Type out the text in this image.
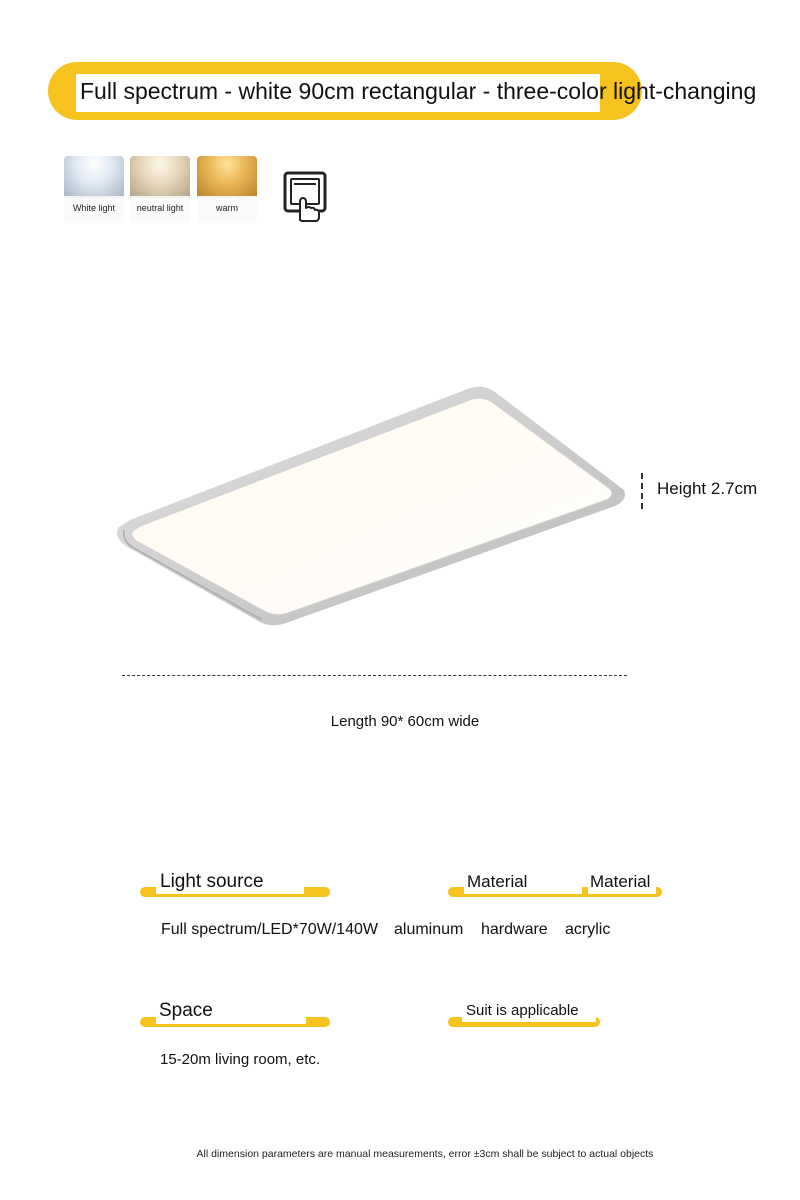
Full spectrum - white 90cm rectangular - three-color light-changing
White light	neutral light	warm
Height 2.7cm
Length 90* 60cm wide
Light source
Full spectrum/LED*70W/140W
Material	Material
aluminum hardware acrylic
Space
15-20m living room, etc.
Suit is applicable
All dimension parameters are manual measurements, error ±3cm shall be subject to actual objects
